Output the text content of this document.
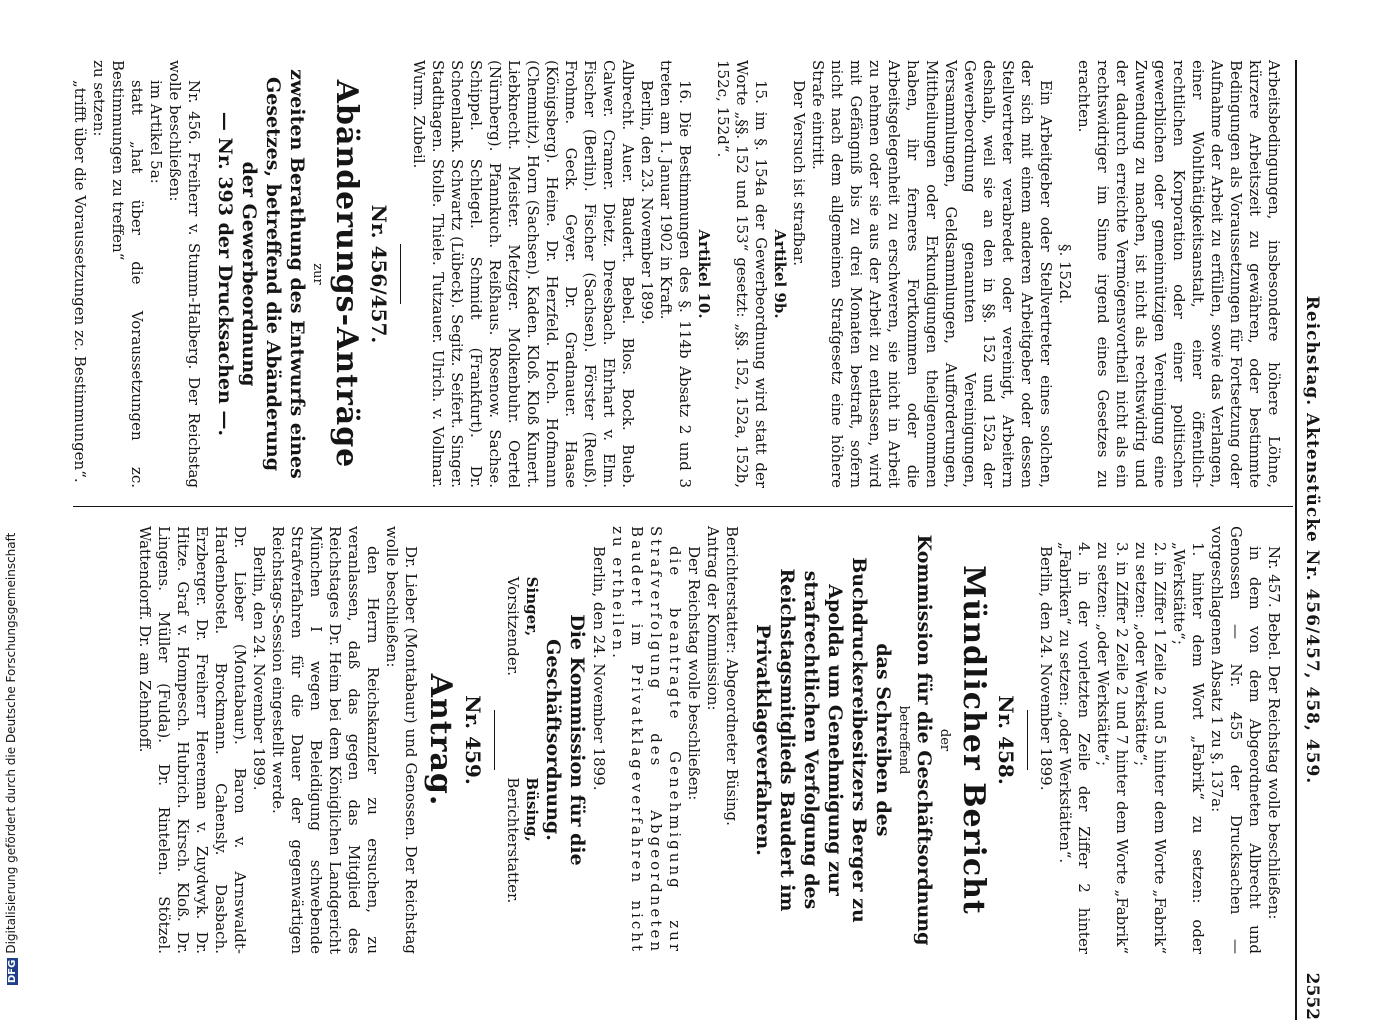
2552
Reichstag. Aktenstücke Nr. 456/457, 458, 459.

Arbeitsbedingungen, insbesondere höhere Löhne, kürzere Arbeitszeit zu gewähren, oder bestimmte Bedingungen als Voraussetzungen für Fortsetzung oder Aufnahme der Arbeit zu erfüllen, sowie das Verlangen, einer Wohlthätigkeitsanstalt, einer öffentlich-rechtlichen Korporation oder einer politischen gewerblichen oder gemeinnützigen Vereinigung eine Zuwendung zu machen, ist nicht als rechtswidrig und der dadurch erreichte Vermögensvortheil nicht als ein rechtswidriger im Sinne irgend eines Gesetzes zu erachten.

§. 152d.

Ein Arbeitgeber oder Stellvertreter eines solchen, der sich mit einem anderen Arbeitgeber oder dessen Stellvertreter verabredet oder vereinigt, Arbeitern deshalb, weil sie an den in §§. 152 und 152a der Gewerbeordnung genannten Vereinigungen, Versammlungen, Geldsammlungen, Aufforderungen, Mittheilungen oder Erkundigungen theilgenommen haben, ihr ferneres Fortkommen oder die Arbeitsgelegenheit zu erschweren, sie nicht in Arbeit zu nehmen oder sie aus der Arbeit zu entlassen, wird mit Gefängniß bis zu drei Monaten bestraft, sofern nicht nach dem allgemeinen Strafgesetz eine höhere Strafe eintritt.

Der Versuch ist strafbar.

Artikel 9b.

15. im §. 154a der Gewerbeordnung wird statt der Worte „§§. 152 und 153“ gesetzt: „§§. 152, 152a, 152b, 152c, 152d“.

Artikel 10.

16. Die Bestimmungen des §. 114b Absatz 2 und 3 treten am 1. Januar 1902 in Kraft.

Berlin, den 23. November 1899.

Albrecht. Auer. Baudert. Bebel. Blos. Bock. Bueb. Calwer. Cramer. Dietz. Dreesbach. Ehrhart v. Elm. Fischer (Berlin). Fischer (Sachsen). Förster (Reuß). Frohme. Geck. Geyer. Dr. Gradnauer. Haase (Königsberg). Heine. Dr. Herzfeld. Hoch. Hofmann (Chemnitz). Horn (Sachsen). Kaden. Kloß. Kloß Kunert. Liebknecht. Meister. Metzger. Molkenbuhr. Oertel (Nürnberg). Pfannkuch. Reißhaus. Rosenow. Sachse. Schippel. Schlegel. Schmidt (Frankfurt). Dr. Schoenlank. Schwartz (Lübeck). Segitz. Seifert. Singer. Stadthagen. Stolle. Thiele. Tutzauer. Ulrich. v. Vollmar. Wurm. Zubeil.

Nr. 456/457.

Abänderungs-Anträge

zur

zweiten Berathung des Entwurfs eines Gesetzes, betreffend die Abänderung der Gewerbeordnung

— Nr. 393 der Drucksachen —.

Nr. 456. Freiherr v. Stumm-Halberg. Der Reichstag wolle beschließen:

im Artikel 5a:

statt „hat über die Voraussetzungen zc. Bestimmungen zu treffen“

zu setzen:

„trifft über die Voraussetzungen zc. Bestimmungen“.

Nr. 457. Bebel. Der Reichstag wolle beschließen:

in dem von dem Abgeordneten Albrecht und Genossen — Nr. 455 der Drucksachen — vorgeschlagenen Absatz 1 zu §. 137a:

1. hinter dem Wort „Fabrik“ zu setzen: oder „Werkstätte“;

2. in Ziffer 1 Zeile 2 und 5 hinter dem Worte „Fabrik“ zu setzen: „oder Werkstätte“;

3. in Ziffer 2 Zeile 2 und 7 hinter dem Worte „Fabrik“ zu setzen: „oder Werkstätte“;

4. in der vorletzten Zeile der Ziffer 2 hinter „Fabriken“ zu setzen: „oder Werkstätten“.

Berlin, den 24. November 1899.

Nr. 458.

Mündlicher Bericht

der

Kommission für die Geschäftsordnung

betreffend

das Schreiben des Buchdruckereibesitzers Berger zu Apolda um Genehmigung zur strafrechtlichen Verfolgung des Reichstagsmitglieds Baudert im Privatklageverfahren.

Berichterstatter: Abgeordneter Büsing.

Antrag der Kommission:

Der Reichstag wolle beschließen:

die beantragte Genehmigung zur Strafverfolgung des Abgeordneten Baudert im Privatklageverfahren nicht zu ertheilen.

Berlin, den 24. November 1899.

Die Kommission für die Geschäftsordnung.

Singer,

Vorsitzender.

Büsing,

Berichterstatter.

Nr. 459.

Antrag.

Dr. Lieber (Montabaur) und Genossen. Der Reichstag wolle beschließen:

den Herrn Reichskanzler zu ersuchen, zu veranlassen, daß das gegen das Mitglied des Reichstages Dr. Heim bei dem Königlichen Landgericht München I wegen Beleidigung schwebende Strafverfahren für die Dauer der gegenwärtigen Reichstags-Session eingestellt werde.

Berlin, den 24. November 1899.

Dr. Lieber (Montabaur). Baron v. Arnswaldt-Hardenbostel. Brockmann. Cahensly. Dasbach. Erzberger. Dr. Freiherr Heereman v. Zuydwyk. Dr. Hitze. Graf v. Hompesch. Hubrich. Kirsch. Kloß. Dr. Lingens. Müller (Fulda). Dr. Rintelen. Stötzel. Wattendorff. Dr. am Zehnhoff.

DFGDigitalisierung gefördert durch die Deutsche Forschungsgemeinschaft
